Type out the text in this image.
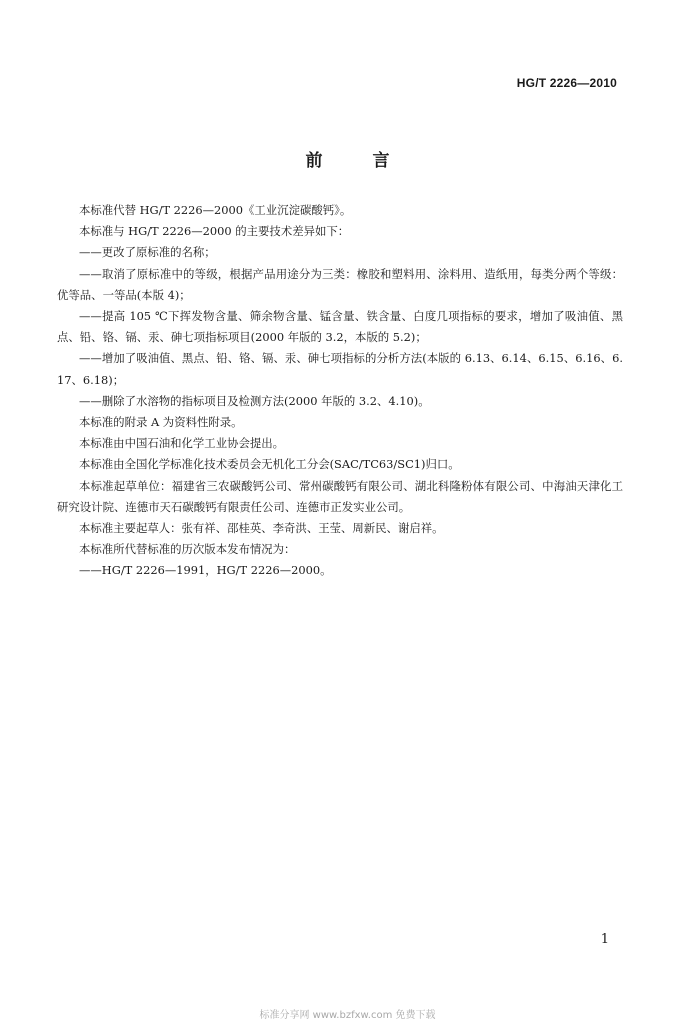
HG/T 2226—2010
前 言

本标准代替 HG/T 2226—2000《工业沉淀碳酸钙》。

本标准与 HG/T 2226—2000 的主要技术差异如下：

——更改了原标准的名称；

——取消了原标准中的等级，根据产品用途分为三类：橡胶和塑料用、涂料用、造纸用，每类分两个等级：优等品、一等品(本版 4)；

——提高 105 ℃下挥发物含量、筛余物含量、锰含量、铁含量、白度几项指标的要求，增加了吸油值、黑点、铅、铬、镉、汞、砷七项指标项目(2000 年版的 3.2，本版的 5.2)；

——增加了吸油值、黑点、铅、铬、镉、汞、砷七项指标的分析方法(本版的 6.13、6.14、6.15、6.16、6.17、6.18)；

——删除了水溶物的指标项目及检测方法(2000 年版的 3.2、4.10)。

本标准的附录 A 为资料性附录。

本标准由中国石油和化学工业协会提出。

本标准由全国化学标准化技术委员会无机化工分会(SAC/TC63/SC1)归口。

本标准起草单位：福建省三农碳酸钙公司、常州碳酸钙有限公司、湖北科隆粉体有限公司、中海油天津化工研究设计院、连德市天石碳酸钙有限责任公司、连德市正发实业公司。

本标准主要起草人：张有祥、邵桂英、李奇洪、王莹、周新民、谢启祥。

本标准所代替标准的历次版本发布情况为：

——HG/T 2226—1991，HG/T 2226—2000。

1
标准分享网 www.bzfxw.com 免费下载
